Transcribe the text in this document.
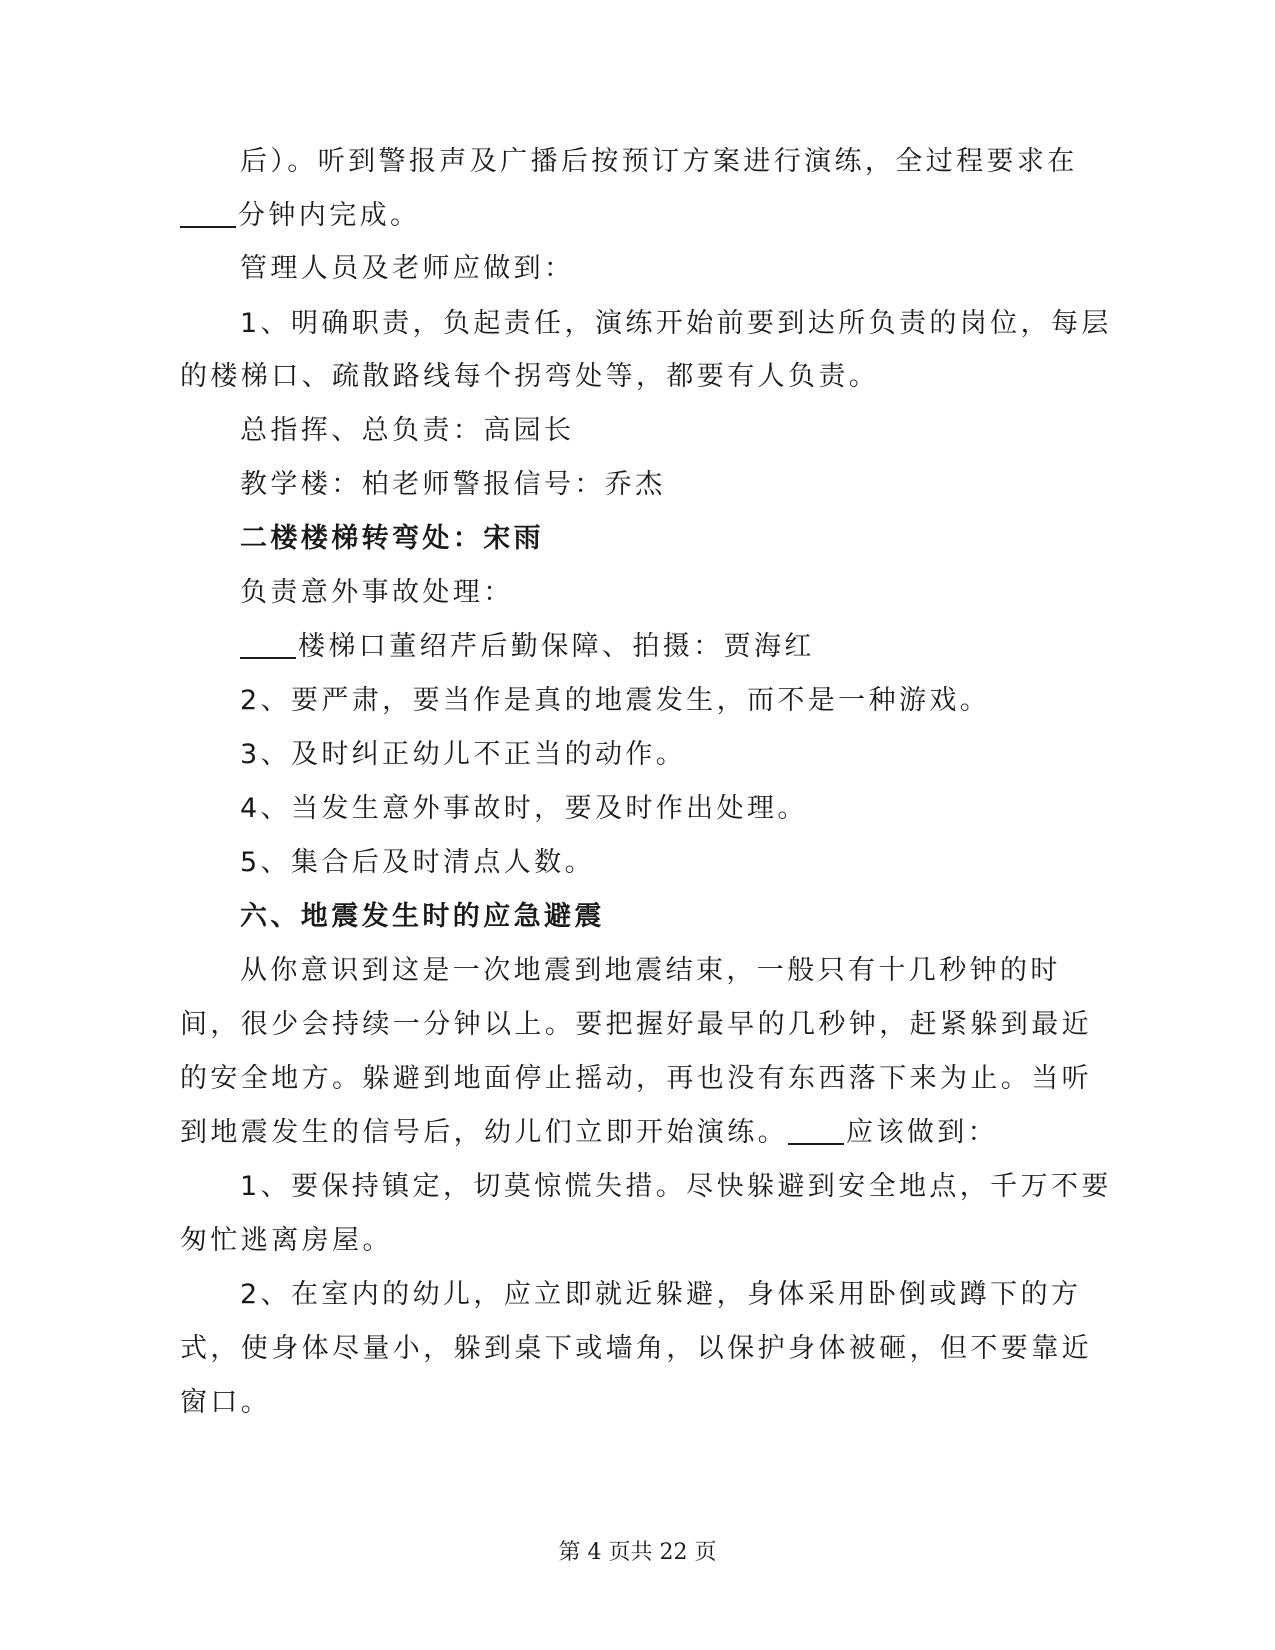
后）。听到警报声及广播后按预订方案进行演练，全过程要求在
分钟内完成。
管理人员及老师应做到：
1、明确职责，负起责任，演练开始前要到达所负责的岗位，每层
的楼梯口、疏散路线每个拐弯处等，都要有人负责。
总指挥、总负责：高园长
教学楼：柏老师警报信号：乔杰
二楼楼梯转弯处：宋雨
负责意外事故处理：
楼梯口董绍芹后勤保障、拍摄：贾海红
2、要严肃，要当作是真的地震发生，而不是一种游戏。
3、及时纠正幼儿不正当的动作。
4、当发生意外事故时，要及时作出处理。
5、集合后及时清点人数。
六、地震发生时的应急避震
从你意识到这是一次地震到地震结束，一般只有十几秒钟的时
间，很少会持续一分钟以上。要把握好最早的几秒钟，赶紧躲到最近
的安全地方。躲避到地面停止摇动，再也没有东西落下来为止。当听
到地震发生的信号后，幼儿们立即开始演练。 应该做到：
1、要保持镇定，切莫惊慌失措。尽快躲避到安全地点，千万不要
匆忙逃离房屋。
2、在室内的幼儿，应立即就近躲避，身体采用卧倒或蹲下的方
式，使身体尽量小，躲到桌下或墙角，以保护身体被砸，但不要靠近
窗口。
第 4 页共 22 页
